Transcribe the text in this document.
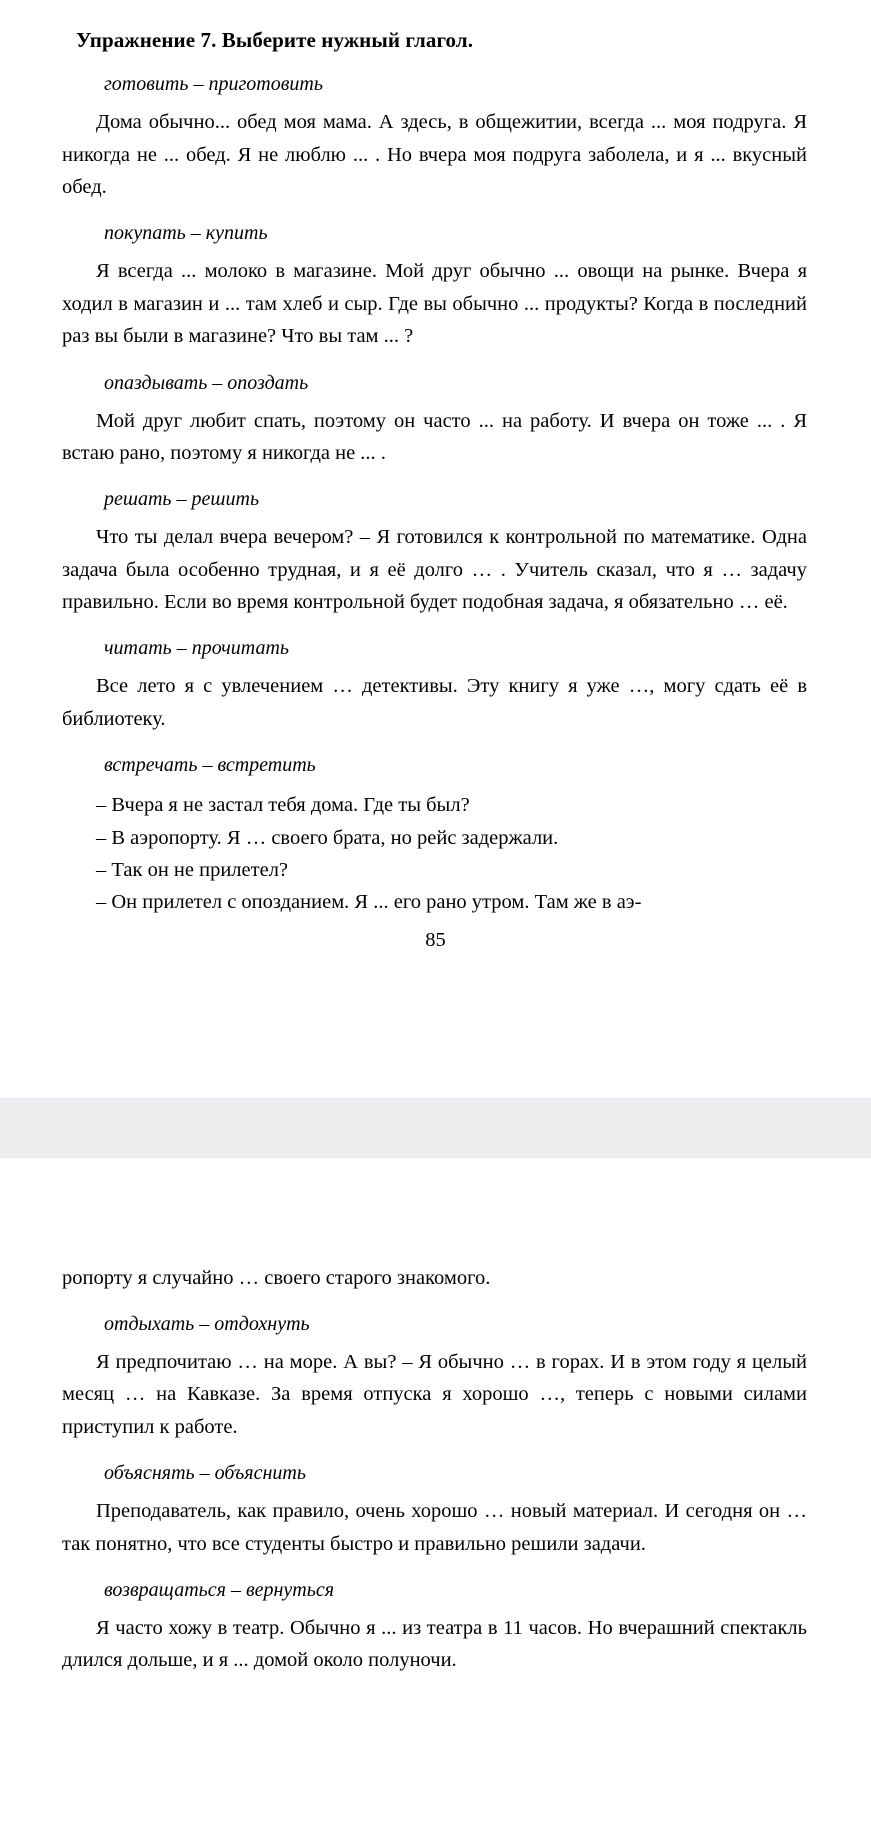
Упражнение 7. Выберите нужный глагол.
готовить – приготовить

Дома обычно... обед моя мама. А здесь, в общежитии, всегда ... моя подруга. Я никогда не ... обед. Я не люблю ... . Но вчера моя подруга заболела, и я ... вкусный обед.

покупать – купить

Я всегда ... молоко в магазине. Мой друг обычно ... овощи на рынке. Вчера я ходил в магазин и ... там хлеб и сыр. Где вы обычно ... продукты? Когда в последний раз вы были в магазине? Что вы там ... ?

опаздывать – опоздать

Мой друг любит спать, поэтому он часто ... на работу. И вчера он тоже ... . Я встаю рано, поэтому я никогда не ... .

решать – решить

Что ты делал вчера вечером? – Я готовился к контрольной по математике. Одна задача была особенно трудная, и я её долго … . Учитель сказал, что я … задачу правильно. Если во время контрольной будет подобная задача, я обязательно … её.

читать – прочитать

Все лето я с увлечением … детективы. Эту книгу я уже …, могу сдать её в библиотеку.

встречать – встретить
– Вчера я не застал тебя дома. Где ты был?
– В аэропорту. Я … своего брата, но рейс задержали.
– Так он не прилетел?
– Он прилетел с опозданием. Я ... его рано утром. Там же в аэ-
85

ропорту я случайно … своего старого знакомого.

отдыхать – отдохнуть

Я предпочитаю … на море. А вы? – Я обычно … в горах. И в этом году я целый месяц … на Кавказе. За время отпуска я хорошо …, теперь с новыми силами приступил к работе.

объяснять – объяснить

Преподаватель, как правило, очень хорошо … новый материал. И сегодня он … так понятно, что все студенты быстро и правильно решили задачи.

возвращаться – вернуться

Я часто хожу в театр. Обычно я ... из театра в 11 часов. Но вчерашний спектакль длился дольше, и я ... домой около полуночи.
